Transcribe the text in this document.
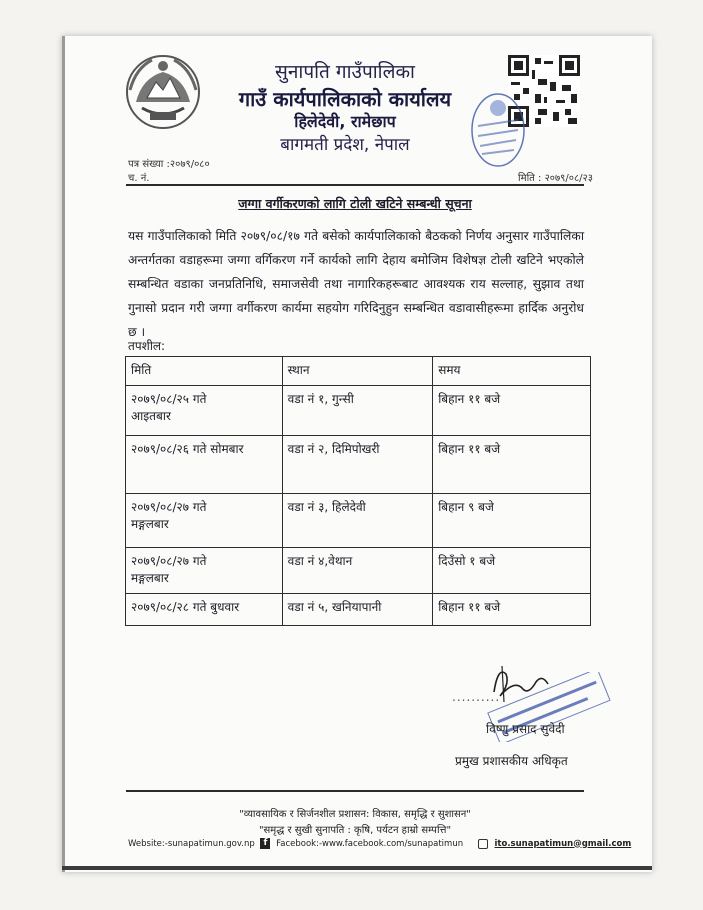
सुनापति गाउँपालिका
गाउँ कार्यपालिकाको कार्यालय
हिलेदेवी, रामेछाप
बागमती प्रदेश, नेपाल
पत्र संख्या :२०७९/०८०
च. नं.	मिति : २०७९/०८/२३
जग्गा वर्गीकरणको लागि टोली खटिने सम्बन्धी सूचना
यस गाउँपालिकाको मिति २०७९/०८/१७ गते बसेको कार्यपालिकाको बैठकको निर्णय अनुसार गाउँपालिका अन्तर्गतका वडाहरूमा जग्गा वर्गिकरण गर्ने कार्यको लागि देहाय बमोजिम विशेषज्ञ टोली खटिने भएकोले सम्बन्धित वडाका जनप्रतिनिधि, समाजसेवी तथा नागारिकहरूबाट आवश्यक राय सल्लाह, सुझाव तथा गुनासो प्रदान गरी जग्गा वर्गीकरण कार्यमा सहयोग गरिदिनुहुन सम्बन्धित वडावासीहरूमा हार्दिक अनुरोध छ ।
तपशील:
मिति	स्थान	समय
२०७९/०८/२५ गते
आइतबार	वडा नं १, गुन्सी	बिहान ११ बजे
२०७९/०८/२६ गते सोमबार	वडा नं २, दिमिपोखरी	बिहान ११ बजे
२०७९/०८/२७ गते
मङ्गलबार	वडा नं ३, हिलेदेवी	बिहान ९ बजे
२०७९/०८/२७ गते
मङ्गलबार	वडा नं ४,वेथान	दिउँसो १ बजे
२०७९/०८/२८ गते बुधवार	वडा नं ५, खनियापानी	बिहान ११ बजे
..........
विष्णु प्रसाद सुवेदी
प्रमुख प्रशासकीय अधिकृत
"व्यावसायिक र सिर्जनशील प्रशासन: विकास, समृद्धि र सुशासन"
"समृद्ध र सुखी सुनापति : कृषि, पर्यटन हाम्रो सम्पत्ति"
Website:-sunapatimun.gov.np f Facebook:-www.facebook.com/sunapatimun	ito.sunapatimun@gmail.com
